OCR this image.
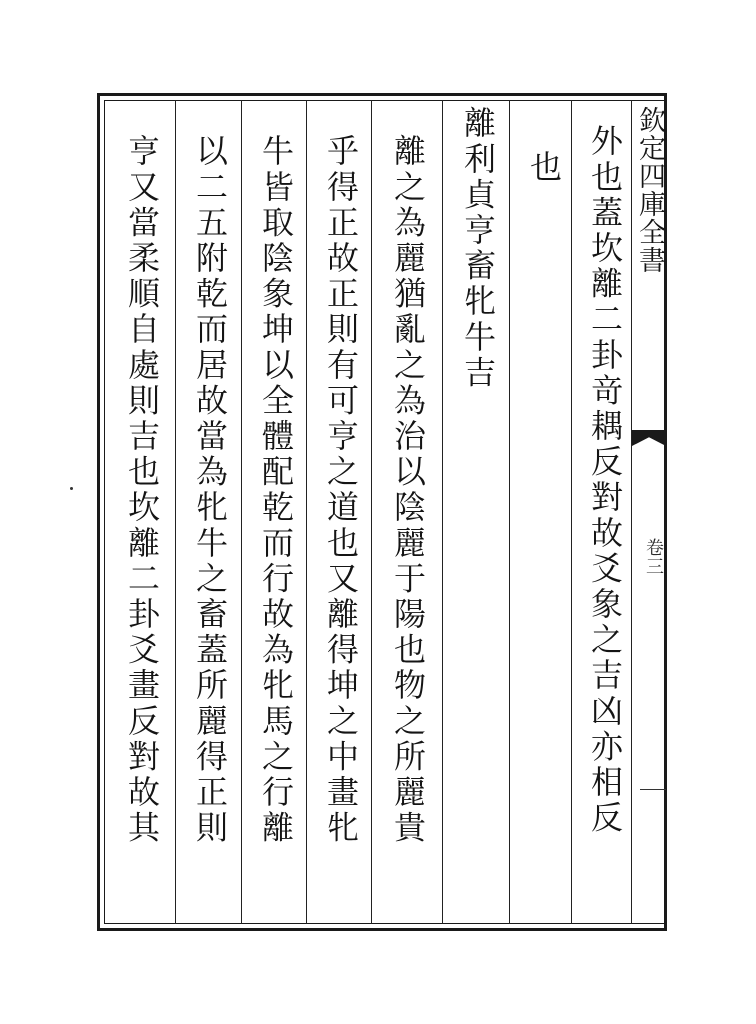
欽定四庫全書
卷三
外也蓋坎離二卦竒耦反對故爻象之吉凶亦相反
也
離利貞亨畜牝牛吉
離之為麗猶亂之為治以陰麗于陽也物之所麗貴
乎得正故正則有可亨之道也又離得坤之中畫牝
牛皆取陰象坤以全體配乾而行故為牝馬之行離
以二五附乾而居故當為牝牛之畜蓋所麗得正則
亨又當柔順自處則吉也坎離二卦爻畫反對故其
